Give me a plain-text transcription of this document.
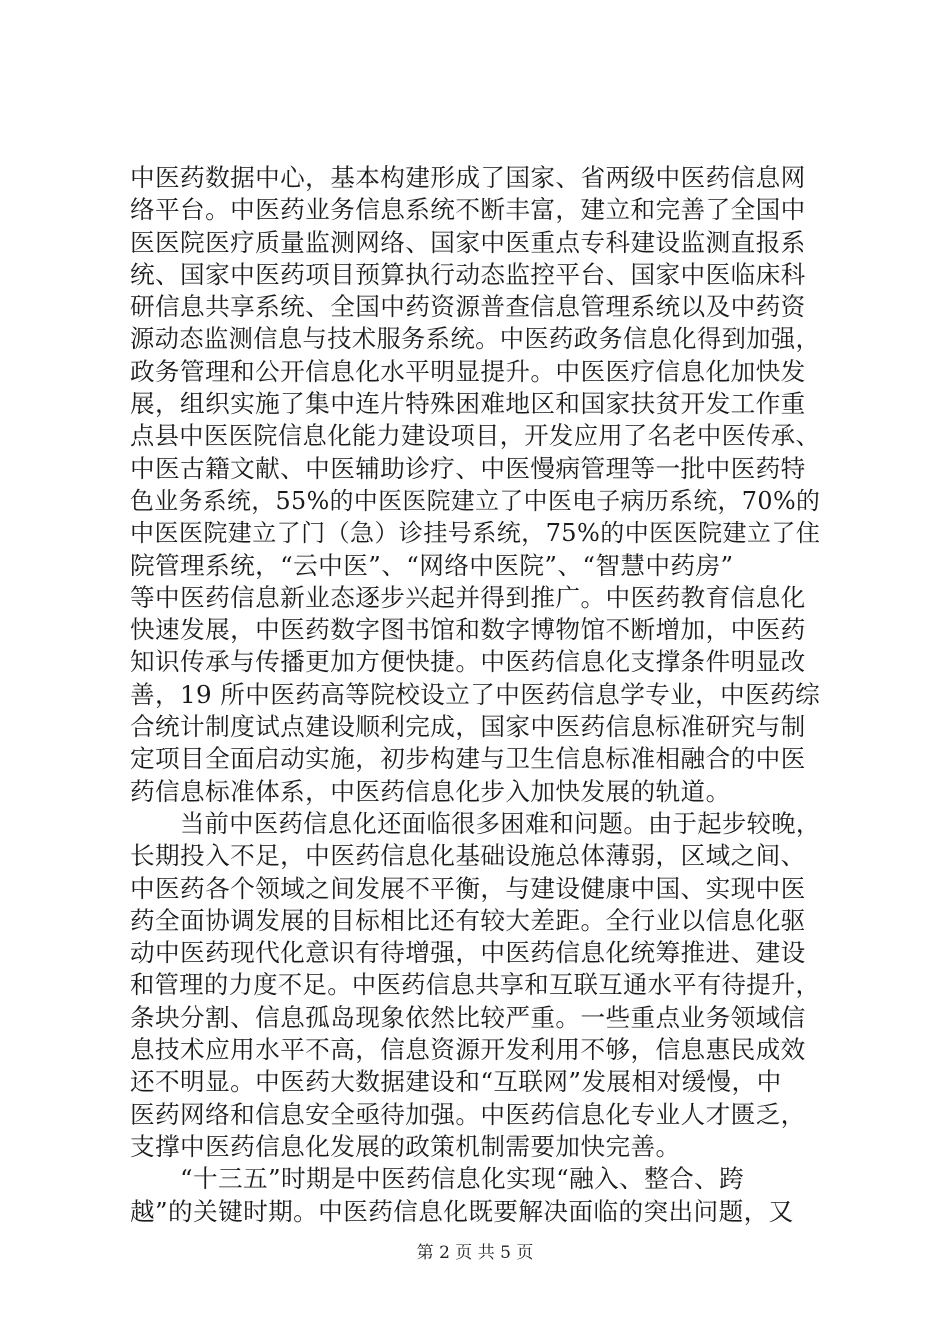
中医药数据中心，基本构建形成了国家、省两级中医药信息网
络平台。中医药业务信息系统不断丰富，建立和完善了全国中
医医院医疗质量监测网络、国家中医重点专科建设监测直报系
统、国家中医药项目预算执行动态监控平台、国家中医临床科
研信息共享系统、全国中药资源普查信息管理系统以及中药资
源动态监测信息与技术服务系统。中医药政务信息化得到加强，
政务管理和公开信息化水平明显提升。中医医疗信息化加快发
展，组织实施了集中连片特殊困难地区和国家扶贫开发工作重
点县中医医院信息化能力建设项目，开发应用了名老中医传承、
中医古籍文献、中医辅助诊疗、中医慢病管理等一批中医药特
色业务系统，55%的中医医院建立了中医电子病历系统，70%的
中医医院建立了门（急）诊挂号系统，75%的中医医院建立了住
院管理系统，“云中医”、“网络中医院”、“智慧中药房”
等中医药信息新业态逐步兴起并得到推广。中医药教育信息化
快速发展，中医药数字图书馆和数字博物馆不断增加，中医药
知识传承与传播更加方便快捷。中医药信息化支撑条件明显改
善，19 所中医药高等院校设立了中医药信息学专业，中医药综
合统计制度试点建设顺利完成，国家中医药信息标准研究与制
定项目全面启动实施，初步构建与卫生信息标准相融合的中医
药信息标准体系，中医药信息化步入加快发展的轨道。
当前中医药信息化还面临很多困难和问题。由于起步较晚，
长期投入不足，中医药信息化基础设施总体薄弱，区域之间、
中医药各个领域之间发展不平衡，与建设健康中国、实现中医
药全面协调发展的目标相比还有较大差距。全行业以信息化驱
动中医药现代化意识有待增强，中医药信息化统筹推进、建设
和管理的力度不足。中医药信息共享和互联互通水平有待提升，
条块分割、信息孤岛现象依然比较严重。一些重点业务领域信
息技术应用水平不高，信息资源开发利用不够，信息惠民成效
还不明显。中医药大数据建设和“互联网”发展相对缓慢，中
医药网络和信息安全亟待加强。中医药信息化专业人才匮乏，
支撑中医药信息化发展的政策机制需要加快完善。
“十三五”时期是中医药信息化实现“融入、整合、跨
越”的关键时期。中医药信息化既要解决面临的突出问题，又
第 2 页 共 5 页
